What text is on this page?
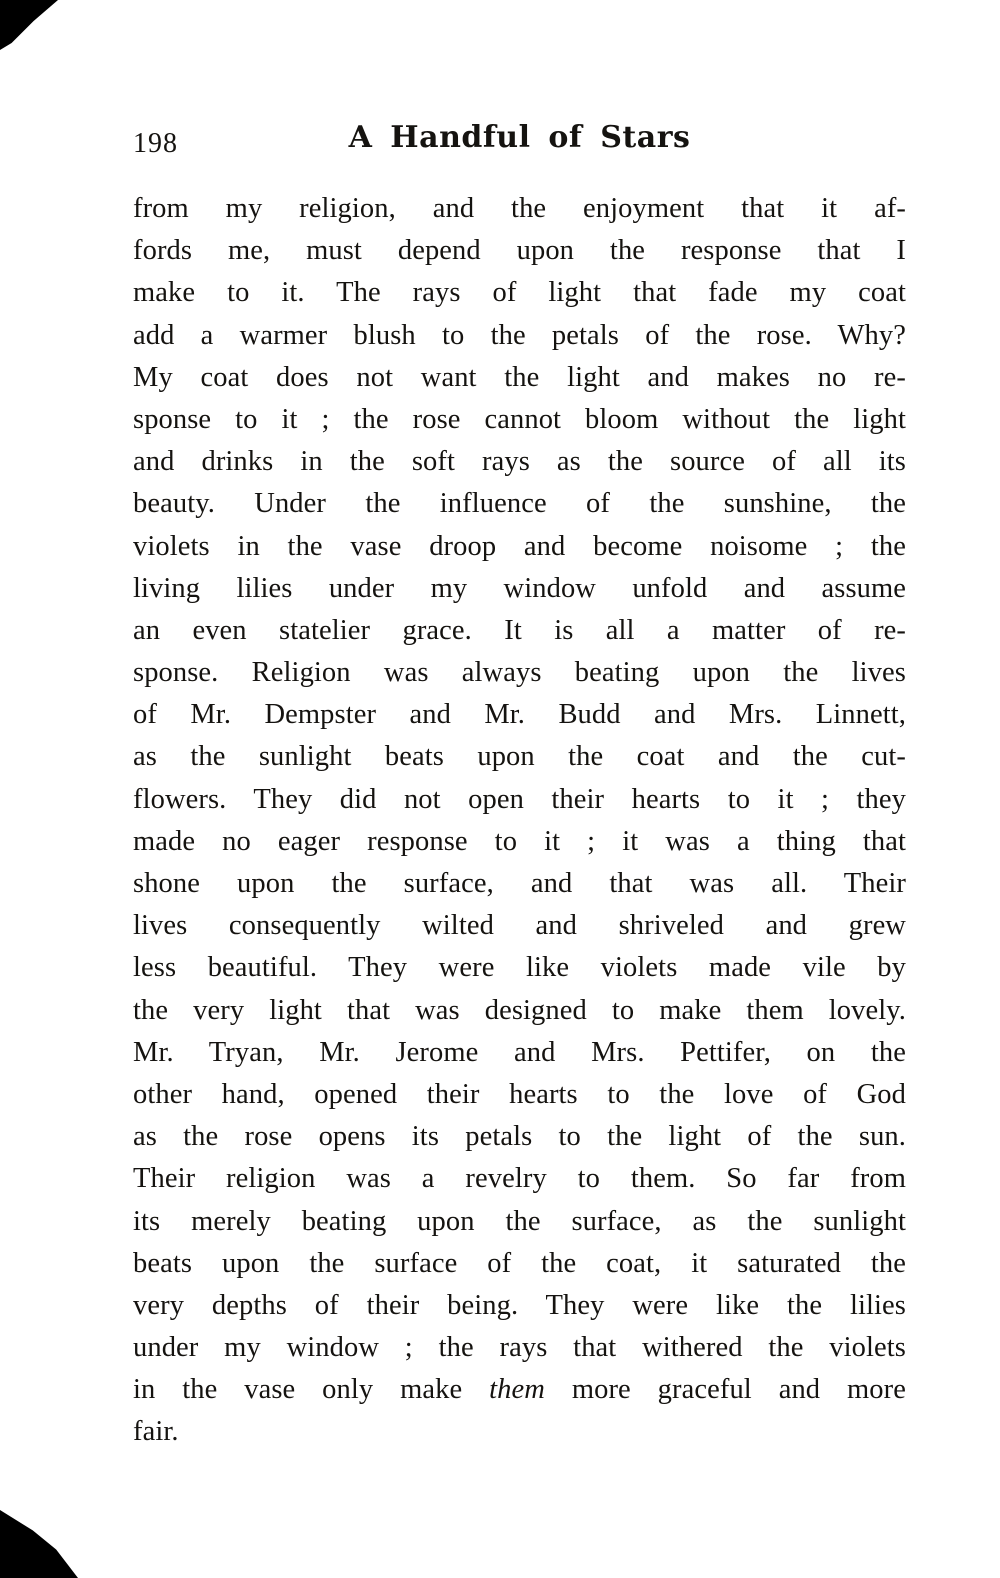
198	A Handful of Stars
from my religion, and the enjoyment that it af-
fords me, must depend upon the response that I
make to it. The rays of light that fade my coat
add a warmer blush to the petals of the rose. Why?
My coat does not want the light and makes no re-
sponse to it ; the rose cannot bloom without the light
and drinks in the soft rays as the source of all its
beauty. Under the influence of the sunshine, the
violets in the vase droop and become noisome ; the
living lilies under my window unfold and assume
an even statelier grace. It is all a matter of re-
sponse. Religion was always beating upon the lives
of Mr. Dempster and Mr. Budd and Mrs. Linnett,
as the sunlight beats upon the coat and the cut-
flowers. They did not open their hearts to it ; they
made no eager response to it ; it was a thing that
shone upon the surface, and that was all. Their
lives consequently wilted and shriveled and grew
less beautiful. They were like violets made vile by
the very light that was designed to make them lovely.
Mr. Tryan, Mr. Jerome and Mrs. Pettifer, on the
other hand, opened their hearts to the love of God
as the rose opens its petals to the light of the sun.
Their religion was a revelry to them. So far from
its merely beating upon the surface, as the sunlight
beats upon the surface of the coat, it saturated the
very depths of their being. They were like the lilies
under my window ; the rays that withered the violets
in the vase only make them more graceful and more
fair.
